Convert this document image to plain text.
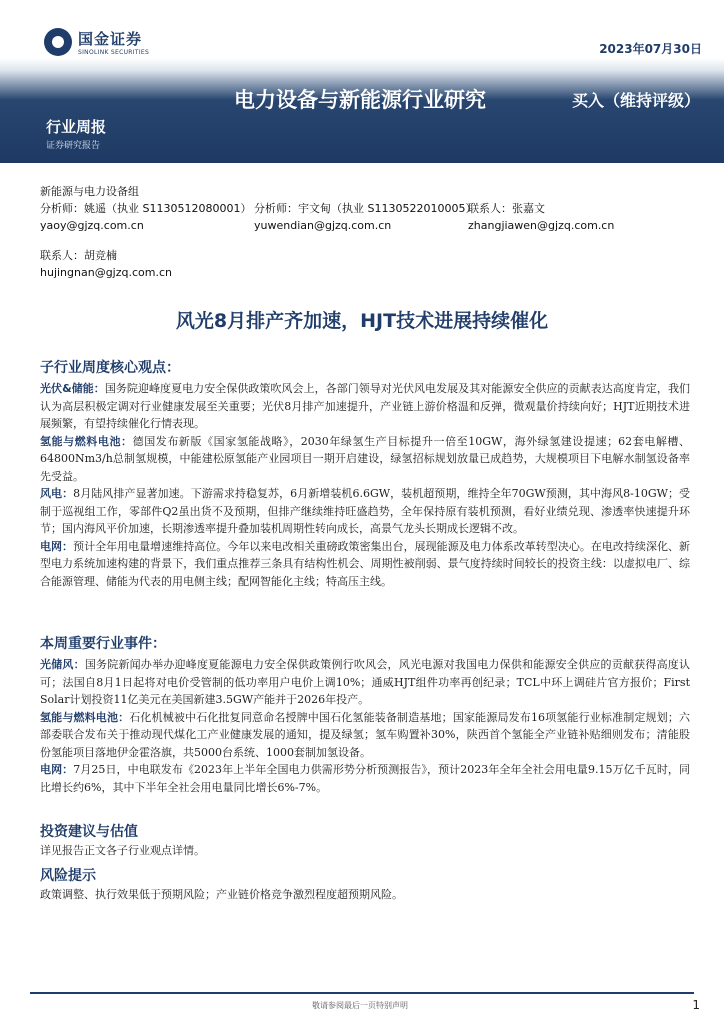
国金证券
SINOLINK SECURITIES	2023年07月30日
电力设备与新能源行业研究	买入（维持评级）
行业周报
证券研究报告
新能源与电力设备组
分析师：姚遥（执业 S1130512080001） 分析师：宇文甸（执业 S1130522010005）
联系人：张嘉文
yaoy@gjzq.com.cn	yuwendian@gjzq.com.cn	zhangjiawen@gjzq.com.cn
联系人：胡竞楠
hujingnan@gjzq.com.cn
风光8月排产齐加速，HJT技术进展持续催化
子行业周度核心观点：
光伏&储能：国务院迎峰度夏电力安全保供政策吹风会上，各部门领导对光伏风电发展及其对能源安全供应的贡献表达高度肯定，我们认为高层积极定调对行业健康发展至关重要；光伏8月排产加速提升，产业链上游价格温和反弹，微观量价持续向好；HJT近期技术进展频繁，有望持续催化行情表现。
氢能与燃料电池：德国发布新版《国家氢能战略》，2030年绿氢生产目标提升一倍至10GW，海外绿氢建设提速；62套电解槽、64800Nm3/h总制氢规模，中能建松原氢能产业园项目一期开启建设，绿氢招标规划放量已成趋势，大规模项目下电解水制氢设备率先受益。
风电：8月陆风排产显著加速。下游需求持稳复苏，6月新增装机6.6GW，装机超预期，维持全年70GW预测，其中海风8-10GW；受制于巡视组工作，零部件Q2虽出货不及预期，但排产继续维持旺盛趋势，全年保持原有装机预测，看好业绩兑现、渗透率快速提升环节；国内海风平价加速，长期渗透率提升叠加装机周期性转向成长，高景气龙头长期成长逻辑不改。
电网：预计全年用电量增速维持高位。今年以来电改相关重磅政策密集出台，展现能源及电力体系改革转型决心。在电改持续深化、新型电力系统加速构建的背景下，我们重点推荐三条具有结构性机会、周期性被削弱、景气度持续时间较长的投资主线：以虚拟电厂、综合能源管理、储能为代表的用电侧主线；配网智能化主线；特高压主线。
本周重要行业事件：
光储风：国务院新闻办举办迎峰度夏能源电力安全保供政策例行吹风会，风光电源对我国电力保供和能源安全供应的贡献获得高度认可；法国自8月1日起将对电价受管制的低功率用户电价上调10%；通威HJT组件功率再创纪录；TCL中环上调硅片官方报价；First Solar计划投资11亿美元在美国新建3.5GW产能并于2026年投产。
氢能与燃料电池：石化机械被中石化批复同意命名授牌中国石化氢能装备制造基地；国家能源局发布16项氢能行业标准制定规划；六部委联合发布关于推动现代煤化工产业健康发展的通知，提及绿氢；氢车购置补30%，陕西首个氢能全产业链补贴细则发布；清能股份氢能项目落地伊金霍洛旗，共5000台系统、1000套制加氢设备。
电网：7月25日，中电联发布《2023年上半年全国电力供需形势分析预测报告》，预计2023年全年全社会用电量9.15万亿千瓦时，同比增长约6%，其中下半年全社会用电量同比增长6%-7%。
投资建议与估值
详见报告正文各子行业观点详情。
风险提示
政策调整、执行效果低于预期风险；产业链价格竞争激烈程度超预期风险。
敬请参阅最后一页特别声明	1
